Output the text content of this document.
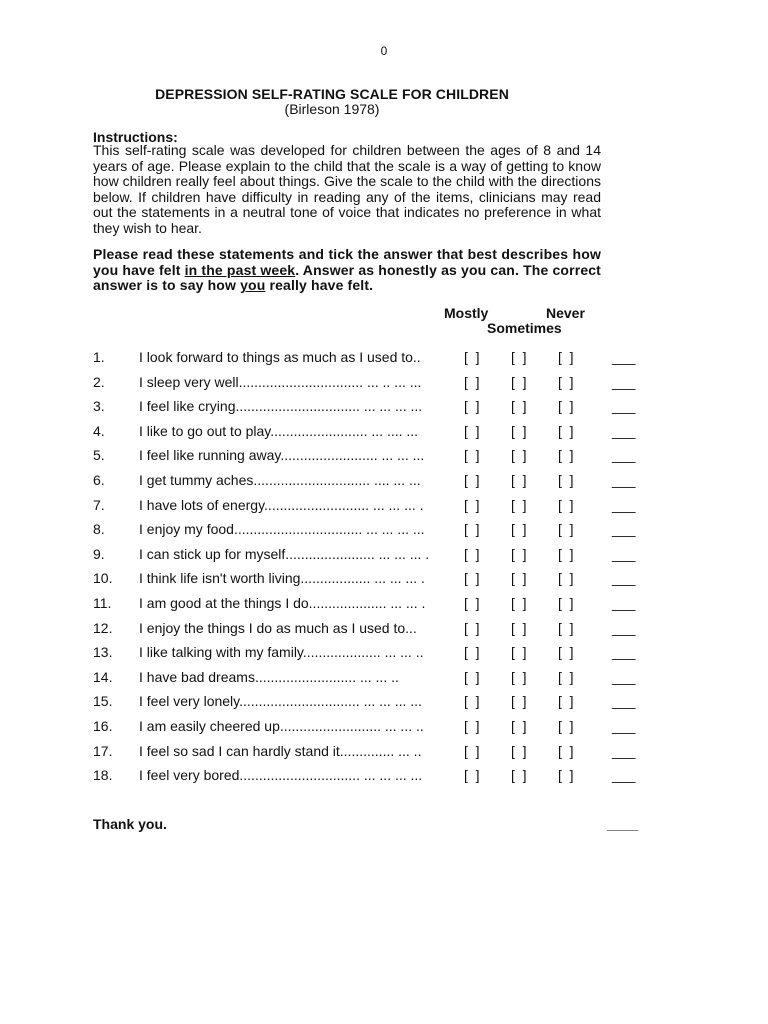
0
DEPRESSION SELF-RATING SCALE FOR CHILDREN
(Birleson 1978)
Instructions:
This self-rating scale was developed for children between the ages of 8 and 14 years of age. Please explain to the child that the scale is a way of getting to know how children really feel about things. Give the scale to the child with the directions below. If children have difficulty in reading any of the items, clinicians may read out the statements in a neutral tone of voice that indicates no preference in what they wish to hear.
Please read these statements and tick the answer that best describes how you have felt in the past week. Answer as honestly as you can. The correct answer is to say how you really have felt.
Mostly	Never
Sometimes
1. I look forward to things as much as I used to..	[  ] [  ] [  ]	___
2. I sleep very well................................ ... .. ... ...	[  ] [  ] [  ]	___
3. I feel like crying................................ ... ... ... ...	[  ] [  ] [  ]	___
4. I like to go out to play......................... ... .... ...	[  ] [  ] [  ]	___
5. I feel like running away......................... ... ... ...	[  ] [  ] [  ]	___
6. I get tummy aches.............................. .... ... ...	[  ] [  ] [  ]	___
7. I have lots of energy........................... ... ... ... .	[  ] [  ] [  ]	___
8. I enjoy my food................................. ... ... ... ...	[  ] [  ] [  ]	___
9. I can stick up for myself....................... ... ... ... . [  ] [  ] [  ]	___
10. I think life isn't worth living.................. ... ... ... .	[  ] [  ] [  ]	___
11. I am good at the things I do.................... ... ... .	[  ] [  ] [  ]	___
12. I enjoy the things I do as much as I used to...	[  ] [  ] [  ]	___
13. I like talking with my family.................... ... ... ..	[  ] [  ] [  ]	___
14. I have bad dreams.......................... ... ... ..	[  ] [  ] [  ]	___
15. I feel very lonely............................... ... ... ... ...	[  ] [  ] [  ]	___
16. I am easily cheered up.......................... ... ... ..	[  ] [  ] [  ]	___
17. I feel so sad I can hardly stand it.............. ... ..	[  ] [  ] [  ]	___
18. I feel very bored............................... ... ... ... ...	[  ] [  ] [  ]	___
Thank you.	____
